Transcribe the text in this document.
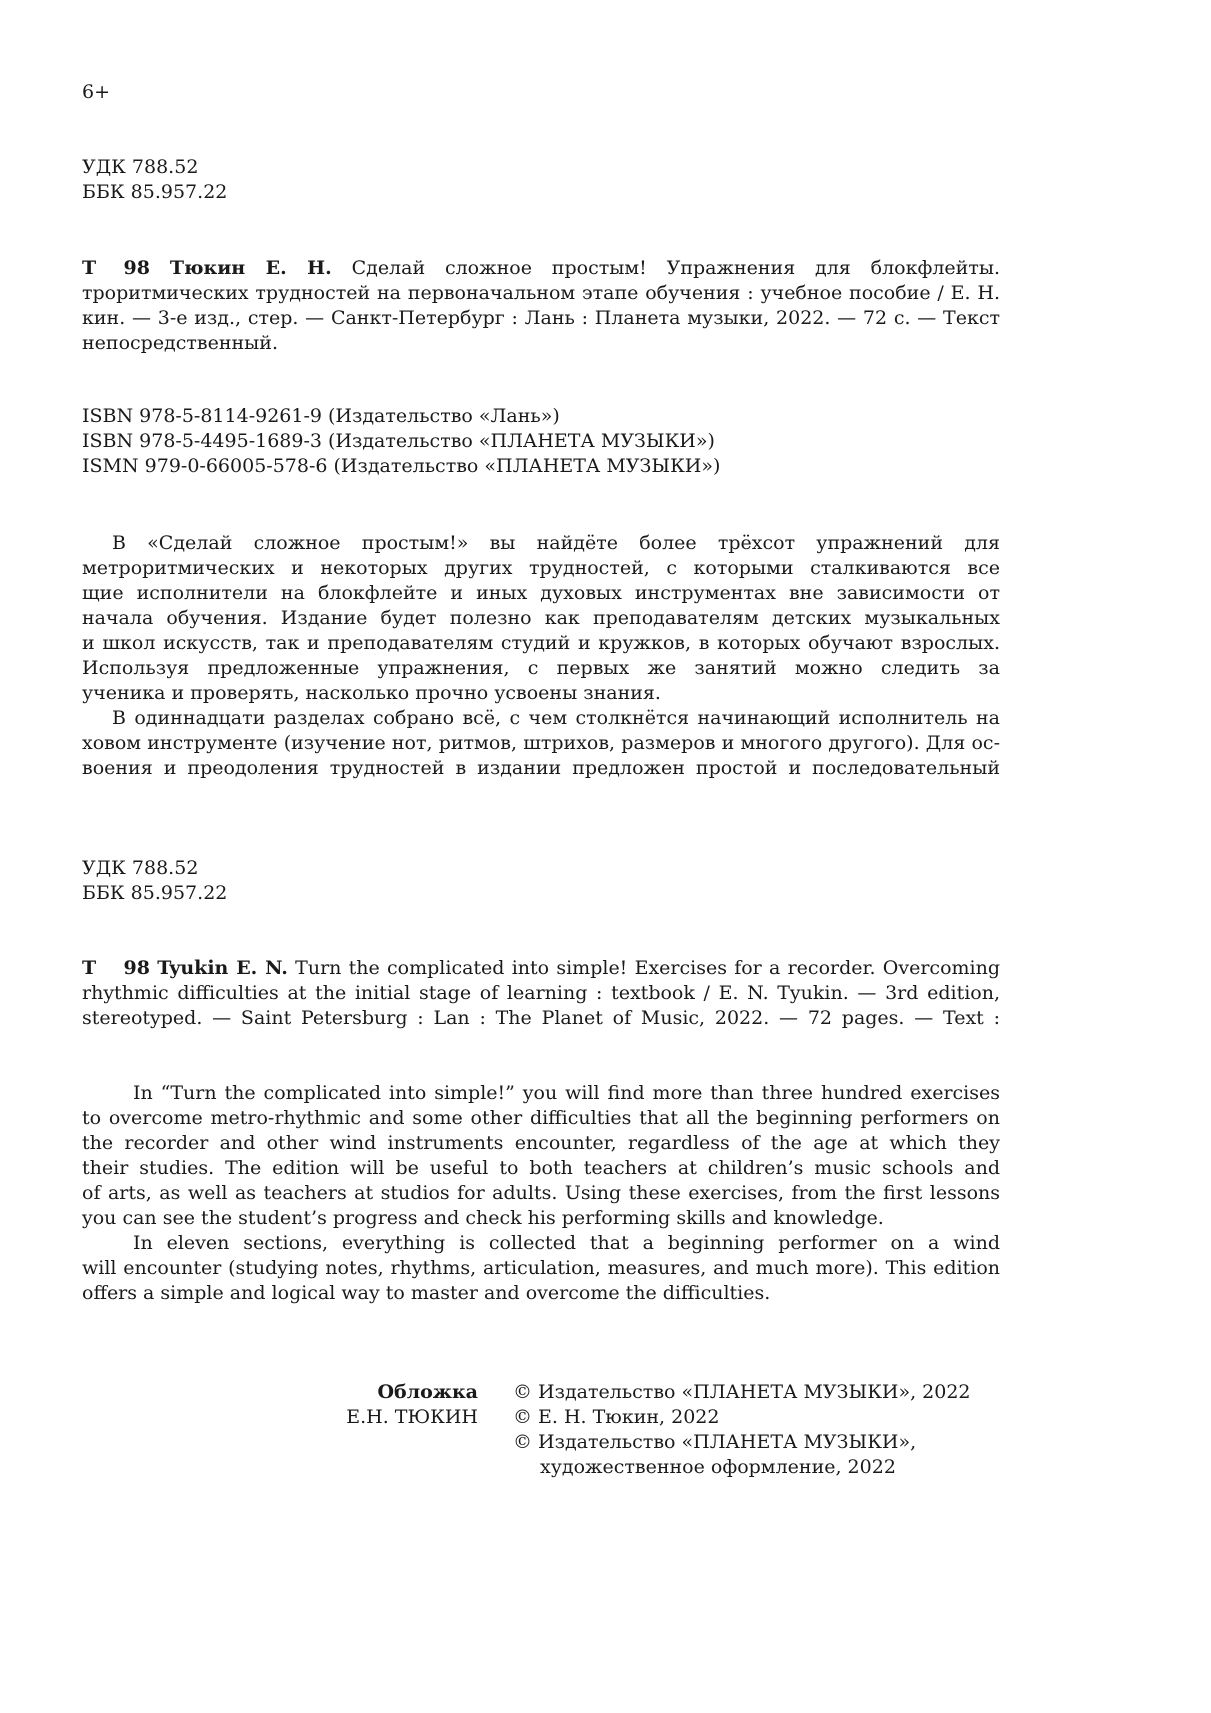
6+
УДК 788.52
ББК 85.957.22
Т 98 Тюкин Е. Н. Сделай сложное простым! Упражнения для блокфлейты.
троритмических трудностей на первоначальном этапе обучения : учебное пособие / Е. Н.
кин. — 3-е изд., стер. — Санкт-Петербург : Лань : Планета музыки, 2022. — 72 с. — Текст
непосредственный.
ISBN 978-5-8114-9261-9 (Издательство «Лань»)
ISBN 978-5-4495-1689-3 (Издательство «ПЛАНЕТА МУЗЫКИ»)
ISMN 979-0-66005-578-6 (Издательство «ПЛАНЕТА МУЗЫКИ»)
В «Сделай сложное простым!» вы найдёте более трёхсот упражнений для
метроритмических и некоторых других трудностей, с которыми сталкиваются все
щие исполнители на блокфлейте и иных духовых инструментах вне зависимости от
начала обучения. Издание будет полезно как преподавателям детских музыкальных
и школ искусств, так и преподавателям студий и кружков, в которых обучают взрослых.
Используя предложенные упражнения, с первых же занятий можно следить за
ученика и проверять, насколько прочно усвоены знания.
В одиннадцати разделах собрано всё, с чем столкнётся начинающий исполнитель на
ховом инструменте (изучение нот, ритмов, штрихов, размеров и многого другого). Для ос-
воения и преодоления трудностей в издании предложен простой и последовательный
УДК 788.52
ББК 85.957.22
T 98 Tyukin E. N. Turn the complicated into simple! Exercises for a recorder. Overcoming
rhythmic difficulties at the initial stage of learning : textbook / E. N. Tyukin. — 3rd edition,
stereotyped. — Saint Petersburg : Lan : The Planet of Music, 2022. — 72 pages. — Text :
In “Turn the complicated into simple!” you will find more than three hundred exercises
to overcome metro-rhythmic and some other difficulties that all the beginning performers on
the recorder and other wind instruments encounter, regardless of the age at which they
their studies. The edition will be useful to both teachers at children’s music schools and
of arts, as well as teachers at studios for adults. Using these exercises, from the first lessons
you can see the student’s progress and check his performing skills and knowledge.
In eleven sections, everything is collected that a beginning performer on a wind
will encounter (studying notes, rhythms, articulation, measures, and much more). This edition
offers a simple and logical way to master and overcome the difficulties.
Обложка
Е.Н. ТЮКИН
© Издательство «ПЛАНЕТА МУЗЫКИ», 2022
© Е. Н. Тюкин, 2022
© Издательство «ПЛАНЕТА МУЗЫКИ»,
художественное оформление, 2022
